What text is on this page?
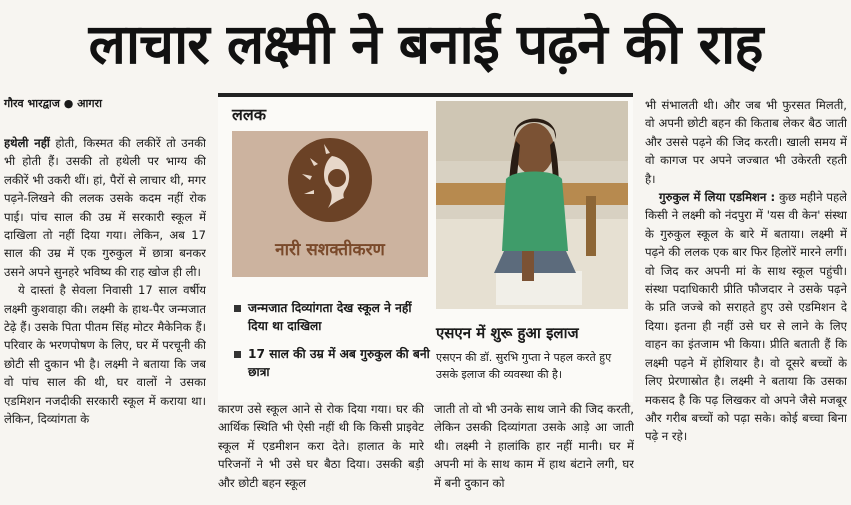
लाचार लक्ष्मी ने बनाई पढ़ने की राह
गौरव भारद्वाज ● आगरा

हथेली नहीं होती, किस्मत की लकीरें तो उनकी भी होती हैं। उसकी तो हथेली पर भाग्य की लकीरें भी उकरी थीं। हां, पैरों से लाचार थी, मगर पढ़ने-लिखने की ललक उसके कदम नहीं रोक पाई। पांच साल की उम्र में सरकारी स्कूल में दाखिला तो नहीं दिया गया। लेकिन, अब 17 साल की उम्र में एक गुरुकुल में छात्रा बनकर उसने अपने सुनहरे भविष्य की राह खोज ही ली।

ये दास्तां है सेवला निवासी 17 साल वर्षीय लक्ष्मी कुशवाहा की। लक्ष्मी के हाथ-पैर जन्मजात टेढ़े हैं। उसके पिता पीतम सिंह मोटर मैकेनिक हैं। परिवार के भरणपोषण के लिए, घर में परचूनी की छोटी सी दुकान भी है। लक्ष्मी ने बताया कि जब वो पांच साल की थी, घर वालों ने उसका एडमिशन नजदीकी सरकारी स्कूल में कराया था। लेकिन, दिव्यांगता के

ललक
नारी सशक्तीकरण
जन्मजात दिव्यांगता देख स्कूल ने नहीं दिया था दाखिला
17 साल की उम्र में अब गुरुकुल की बनी छात्रा
एसएन में शुरू हुआ इलाज
एसएन की डॉ. सुरभि गुप्ता ने पहल करते हुए उसके इलाज की व्यवस्था की है।
कारण उसे स्कूल आने से रोक दिया गया। घर की आर्थिक स्थिति भी ऐसी नहीं थी कि किसी प्राइवेट स्कूल में एडमीशन करा देते। हालात के मारे परिजनों ने भी उसे घर बैठा दिया। उसकी बड़ी और छोटी बहन स्कूल
जाती तो वो भी उनके साथ जाने की जिद करती, लेकिन उसकी दिव्यांगता उसके आड़े आ जाती थी। लक्ष्मी ने हालांकि हार नहीं मानी। घर में अपनी मां के साथ काम में हाथ बंटाने लगी, घर में बनी दुकान को

भी संभालती थी। और जब भी फुरसत मिलती, वो अपनी छोटी बहन की किताब लेकर बैठ जाती और उससे पढ़ने की जिद करती। खाली समय में वो कागज पर अपने जज्बात भी उकेरती रहती है।

गुरुकुल में लिया एडमिशन : कुछ महीने पहले किसी ने लक्ष्मी को नंदपुरा में 'यस वी केन' संस्था के गुरुकुल स्कूल के बारे में बताया। लक्ष्मी में पढ़ने की ललक एक बार फिर हिलोरें मारने लगीं। वो जिद कर अपनी मां के साथ स्कूल पहुंची। संस्था पदाधिकारी प्रीति फौजदार ने उसके पढ़ने के प्रति जज्बे को सराहते हुए उसे एडमिशन दे दिया। इतना ही नहीं उसे घर से लाने के लिए वाहन का इंतजाम भी किया। प्रीति बताती हैं कि लक्ष्मी पढ़ने में होशियार है। वो दूसरे बच्चों के लिए प्रेरणास्रोत है। लक्ष्मी ने बताया कि उसका मकसद है कि पढ़ लिखकर वो अपने जैसे मजबूर और गरीब बच्चों को पढ़ा सके। कोई बच्चा बिना पढ़े न रहे।
